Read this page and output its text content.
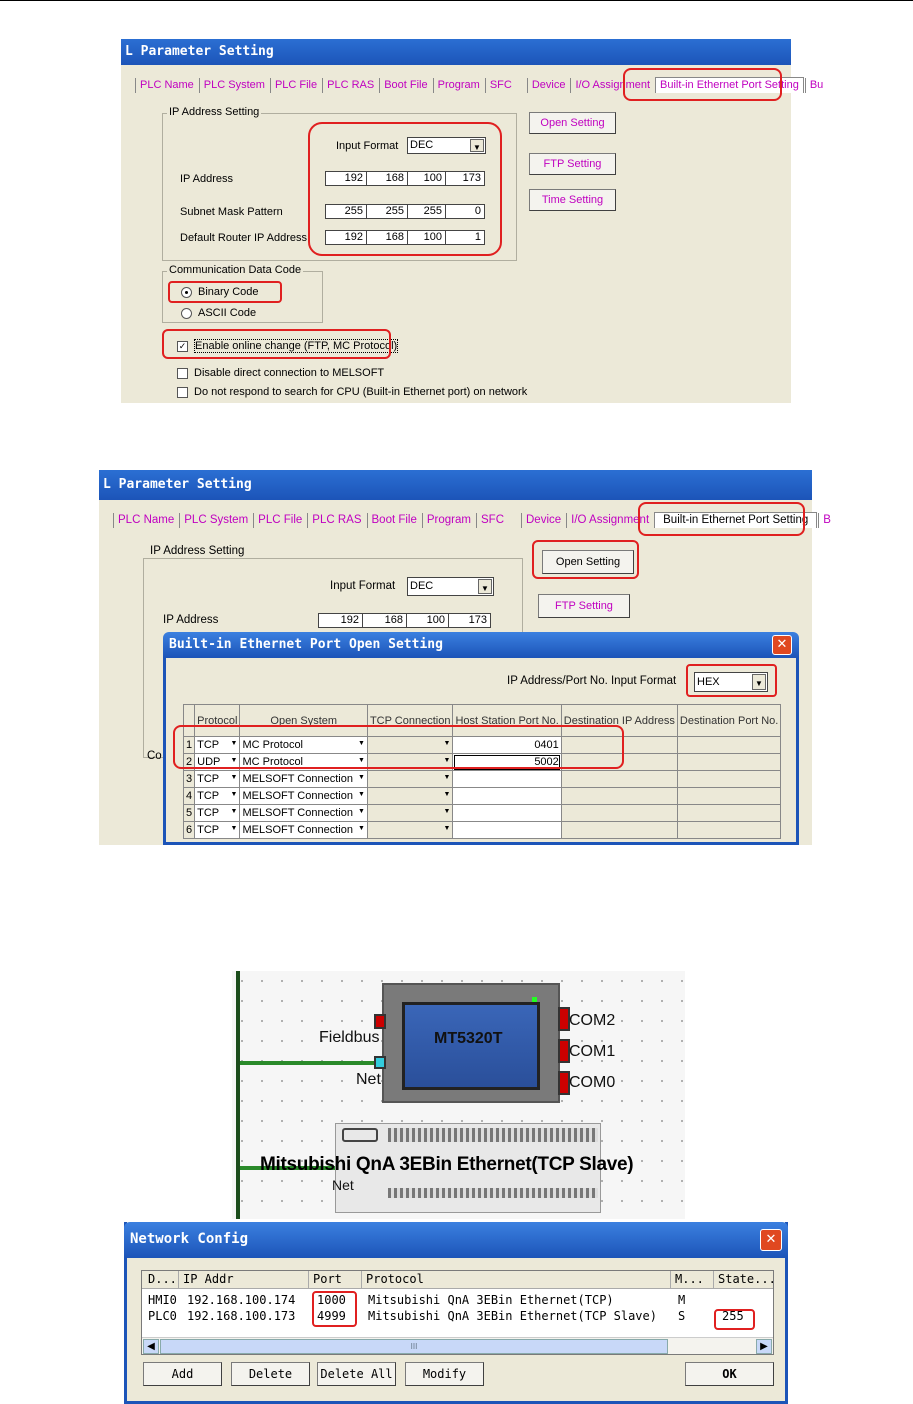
L Parameter Setting
PLC Name PLC System PLC File PLC RAS Boot File Program SFC Device I/O Assignment Built-in Ethernet Port Setting Bu
IP Address Setting
Input Format DEC	▼
IP Address	192 168 100 173
Subnet Mask Pattern	255 255 255	0
Default Router IP Address	192 168 100	1
Open Setting
FTP Setting
Time Setting
Communication Data Code
Binary Code
ASCII Code
✓ Enable online change (FTP, MC Protocol)
Disable direct connection to MELSOFT
Do not respond to search for CPU (Built-in Ethernet port) on network
L Parameter Setting
PLC Name PLC System PLC File PLC RAS Boot File Program SFC Device I/O Assignment Built-in Ethernet Port Setting B
IP Address Setting
Input Format DEC	▼
IP Address	192 168 100 173
Open Setting
FTP Setting
Co
Built-in Ethernet Port Open Setting	✕
IP Address/Port No. Input Format HEX	▼
	Protocol	Open System	TCP Connection	Host Station Port No.	Destination IP Address	Destination Port No.
1	TCP ▼	MC Protocol ▼	▼	0401		
2	UDP ▼	MC Protocol ▼	▼	5002		
3	TCP ▼	MELSOFT Connection ▼	▼			
4	TCP ▼	MELSOFT Connection ▼	▼			
5	TCP ▼	MELSOFT Connection ▼	▼			
6	TCP ▼	MELSOFT Connection ▼	▼			
MT5320T
Fieldbus
Net
COM2
COM1
COM0
Mitsubishi QnA 3EBin Ethernet(TCP Slave)
Net
Network Config	✕
D... IP Addr	Port	Protocol	M...	State...
HMI0 192.168.100.174 1000 Mitsubishi QnA 3EBin Ethernet(TCP)	M
PLC0 192.168.100.173 4999 Mitsubishi QnA 3EBin Ethernet(TCP Slave) S	255
◀	III	▶
Add	Delete	Delete All	Modify	OK
